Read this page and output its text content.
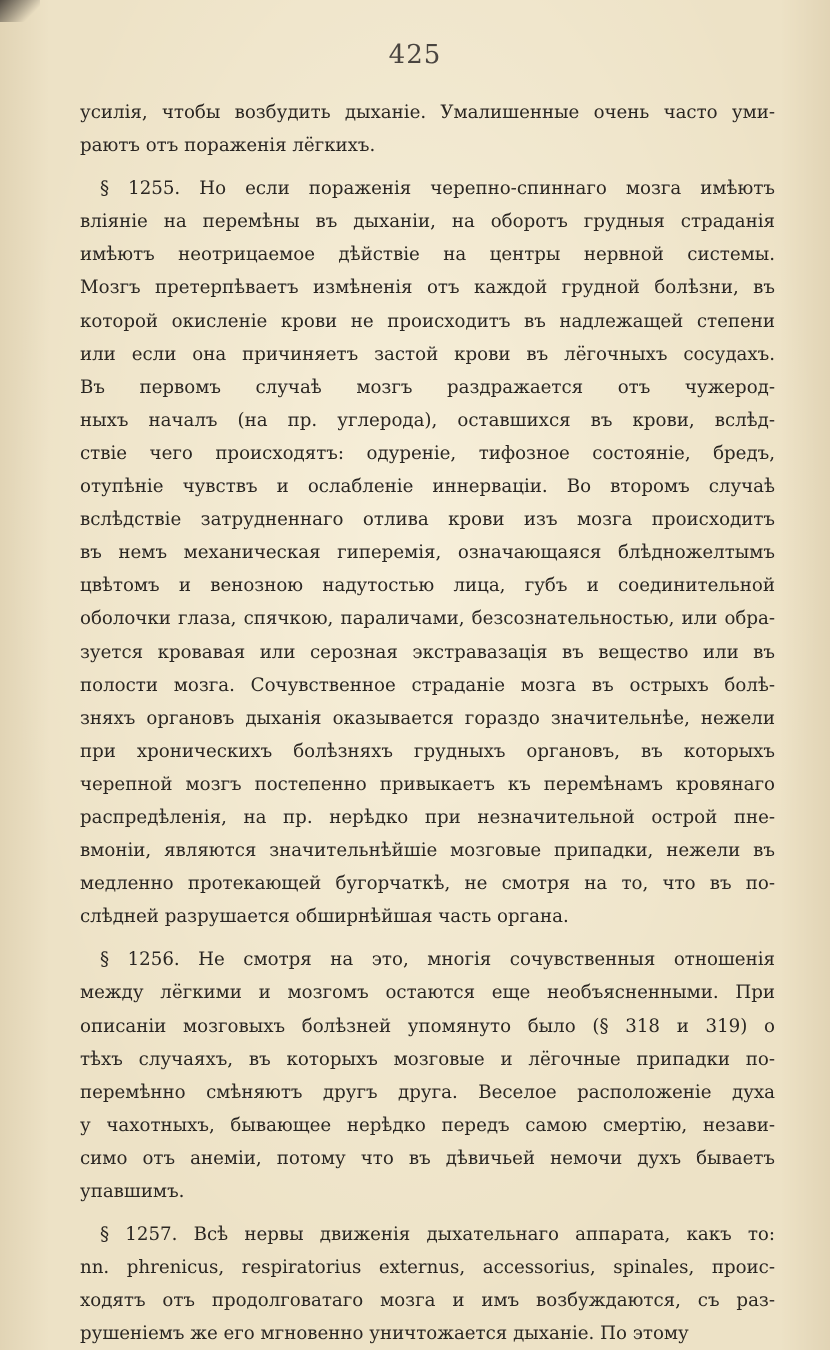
425
усилія, чтобы возбудить дыханіе. Умалишенные очень часто уми-
раютъ отъ пораженія лёгкихъ.
§ 1255. Но если пораженія черепно-спиннаго мозга имѣютъ
вліяніе на перемѣны въ дыханіи, на оборотъ грудныя страданія
имѣютъ неотрицаемое дѣйствіе на центры нервной системы.
Мозгъ претерпѣваетъ измѣненія отъ каждой грудной болѣзни, въ
которой окисленіе крови не происходитъ въ надлежащей степени
или если она причиняетъ застой крови въ лёгочныхъ сосудахъ.
Въ первомъ случаѣ мозгъ раздражается отъ чужерод-
ныхъ началъ (на пр. углерода), оставшихся въ крови, вслѣд-
ствіе чего происходятъ: одуреніе, тифозное состояніе, бредъ,
отупѣніе чувствъ и ослабленіе иннерваціи. Во второмъ случаѣ
вслѣдствіе затрудненнаго отлива крови изъ мозга происходитъ
въ немъ механическая гиперемія, означающаяся блѣдножелтымъ
цвѣтомъ и венозною надутостью лица, губъ и соединительной
оболочки глаза, спячкою, параличами, безсознательностью, или обра-
зуется кровавая или серозная экстравазація въ вещество или въ
полости мозга. Сочувственное страданіе мозга въ острыхъ болѣ-
зняхъ органовъ дыханія оказывается гораздо значительнѣе, нежели
при хроническихъ болѣзняхъ грудныхъ органовъ, въ которыхъ
черепной мозгъ постепенно привыкаетъ къ перемѣнамъ кровянаго
распредѣленія, на пр. нерѣдко при незначительной острой пне-
вмоніи, являются значительнѣйшіе мозговые припадки, нежели въ
медленно протекающей бугорчаткѣ, не смотря на то, что въ по-
слѣдней разрушается обширнѣйшая часть органа.
§ 1256. Не смотря на это, многія сочувственныя отношенія
между лёгкими и мозгомъ остаются еще необъясненными. При
описаніи мозговыхъ болѣзней упомянуто было (§ 318 и 319) о
тѣхъ случаяхъ, въ которыхъ мозговые и лёгочные припадки по-
перемѣнно смѣняютъ другъ друга. Веселое расположеніе духа
у чахотныхъ, бывающее нерѣдко передъ самою смертію, незави-
симо отъ анеміи, потому что въ дѣвичьей немочи духъ бываетъ
упавшимъ.
§ 1257. Всѣ нервы движенія дыхательнаго аппарата, какъ то:
nn. phrenicus, respiratorius externus, accessorius, spinales, проис-
ходятъ отъ продолговатаго мозга и имъ возбуждаются, съ раз-
рушеніемъ же его мгновенно уничтожается дыханіе. По этому
